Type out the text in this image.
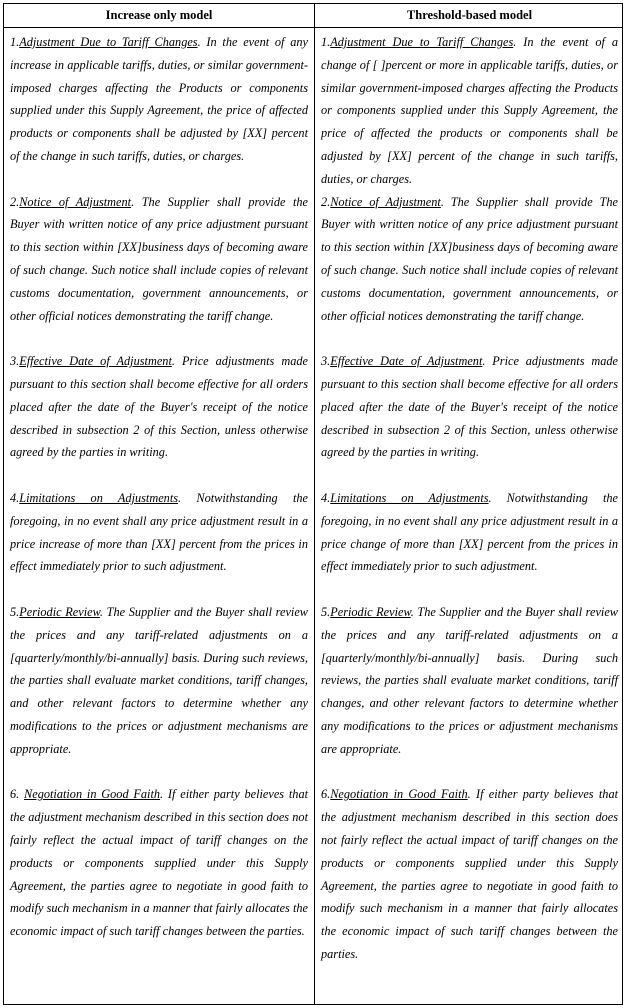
Increase only model	Threshold-based model

1.Adjustment Due to Tariff Changes. In the event of any increase in applicable tariffs, duties, or similar government-imposed charges affecting the Products or components supplied under this Supply Agreement, the price of affected products or components shall be adjusted by [XX] percent of the change in such tariffs, duties, or charges.

2.Notice of Adjustment. The Supplier shall provide the Buyer with written notice of any price adjustment pursuant to this section within [XX]business days of becoming aware of such change. Such notice shall include copies of relevant customs documentation, government announcements, or other official notices demonstrating the tariff change.

3.Effective Date of Adjustment. Price adjustments made pursuant to this section shall become effective for all orders placed after the date of the Buyer's receipt of the notice described in subsection 2 of this Section, unless otherwise agreed by the parties in writing.

4.Limitations on Adjustments. Notwithstanding the foregoing, in no event shall any price adjustment result in a price increase of more than [XX] percent from the prices in effect immediately prior to such adjustment.

5.Periodic Review. The Supplier and the Buyer shall review the prices and any tariff-related adjustments on a [quarterly/monthly/bi-annually] basis. During such reviews, the parties shall evaluate market conditions, tariff changes, and other relevant factors to determine whether any modifications to the prices or adjustment mechanisms are appropriate.

6. Negotiation in Good Faith. If either party believes that the adjustment mechanism described in this section does not fairly reflect the actual impact of tariff changes on the products or components supplied under this Supply Agreement, the parties agree to negotiate in good faith to modify such mechanism in a manner that fairly allocates the economic impact of such tariff changes between the parties.

1.Adjustment Due to Tariff Changes. In the event of a change of [ ]percent or more in applicable tariffs, duties, or similar government-imposed charges affecting the Products or components supplied under this Supply Agreement, the price of affected the products or components shall be adjusted by [XX] percent of the change in such tariffs, duties, or charges.

2.Notice of Adjustment. The Supplier shall provide The Buyer with written notice of any price adjustment pursuant to this section within [XX]business days of becoming aware of such change. Such notice shall include copies of relevant customs documentation, government announcements, or other official notices demonstrating the tariff change.

3.Effective Date of Adjustment. Price adjustments made pursuant to this section shall become effective for all orders placed after the date of the Buyer's receipt of the notice described in subsection 2 of this Section, unless otherwise agreed by the parties in writing.

4.Limitations on Adjustments. Notwithstanding the foregoing, in no event shall any price adjustment result in a price change of more than [XX] percent from the prices in effect immediately prior to such adjustment.

5.Periodic Review. The Supplier and the Buyer shall review the prices and any tariff-related adjustments on a [quarterly/monthly/bi-annually] basis. During such reviews, the parties shall evaluate market conditions, tariff changes, and other relevant factors to determine whether any modifications to the prices or adjustment mechanisms are appropriate.

6.Negotiation in Good Faith. If either party believes that the adjustment mechanism described in this section does not fairly reflect the actual impact of tariff changes on the products or components supplied under this Supply Agreement, the parties agree to negotiate in good faith to modify such mechanism in a manner that fairly allocates the economic impact of such tariff changes between the parties.
